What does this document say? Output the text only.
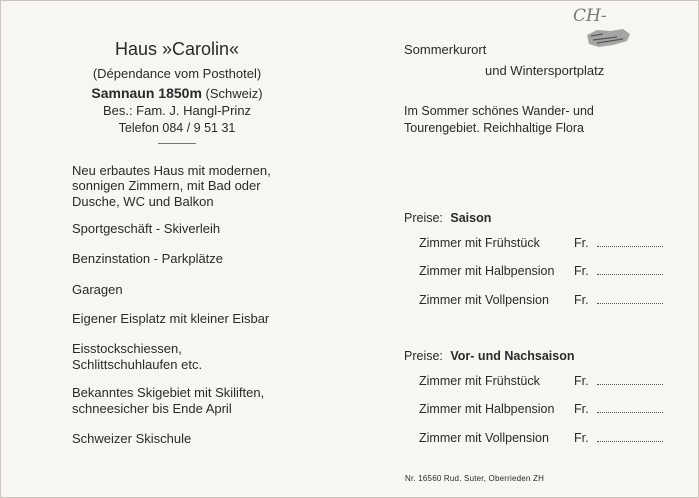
Haus »Carolin«
(Dépendance vom Posthotel)
Samnaun 1850m (Schweiz)
Bes.: Fam. J. Hangl-Prinz
Telefon 084 / 9 51 31
Neu erbautes Haus mit modernen,
sonnigen Zimmern, mit Bad oder
Dusche, WC und Balkon
Sportgeschäft - Skiverleih
Benzinstation - Parkplätze
Garagen
Eigener Eisplatz mit kleiner Eisbar
Eisstockschiessen,
Schlittschuhlaufen etc.
Bekanntes Skigebiet mit Skiliften,
schneesicher bis Ende April
Schweizer Skischule
CH-
Sommerkurort
und Wintersportplatz
Im Sommer schönes Wander- und
Tourengebiet. Reichhaltige Flora
Preise: Saison
Zimmer mit Frühstück	Fr.
Zimmer mit Halbpension Fr.
Zimmer mit Vollpension Fr.
Preise: Vor- und Nachsaison
Zimmer mit Frühstück	Fr.
Zimmer mit Halbpension Fr.
Zimmer mit Vollpension Fr.
Nr. 16560 Rud. Suter, Oberrieden ZH
